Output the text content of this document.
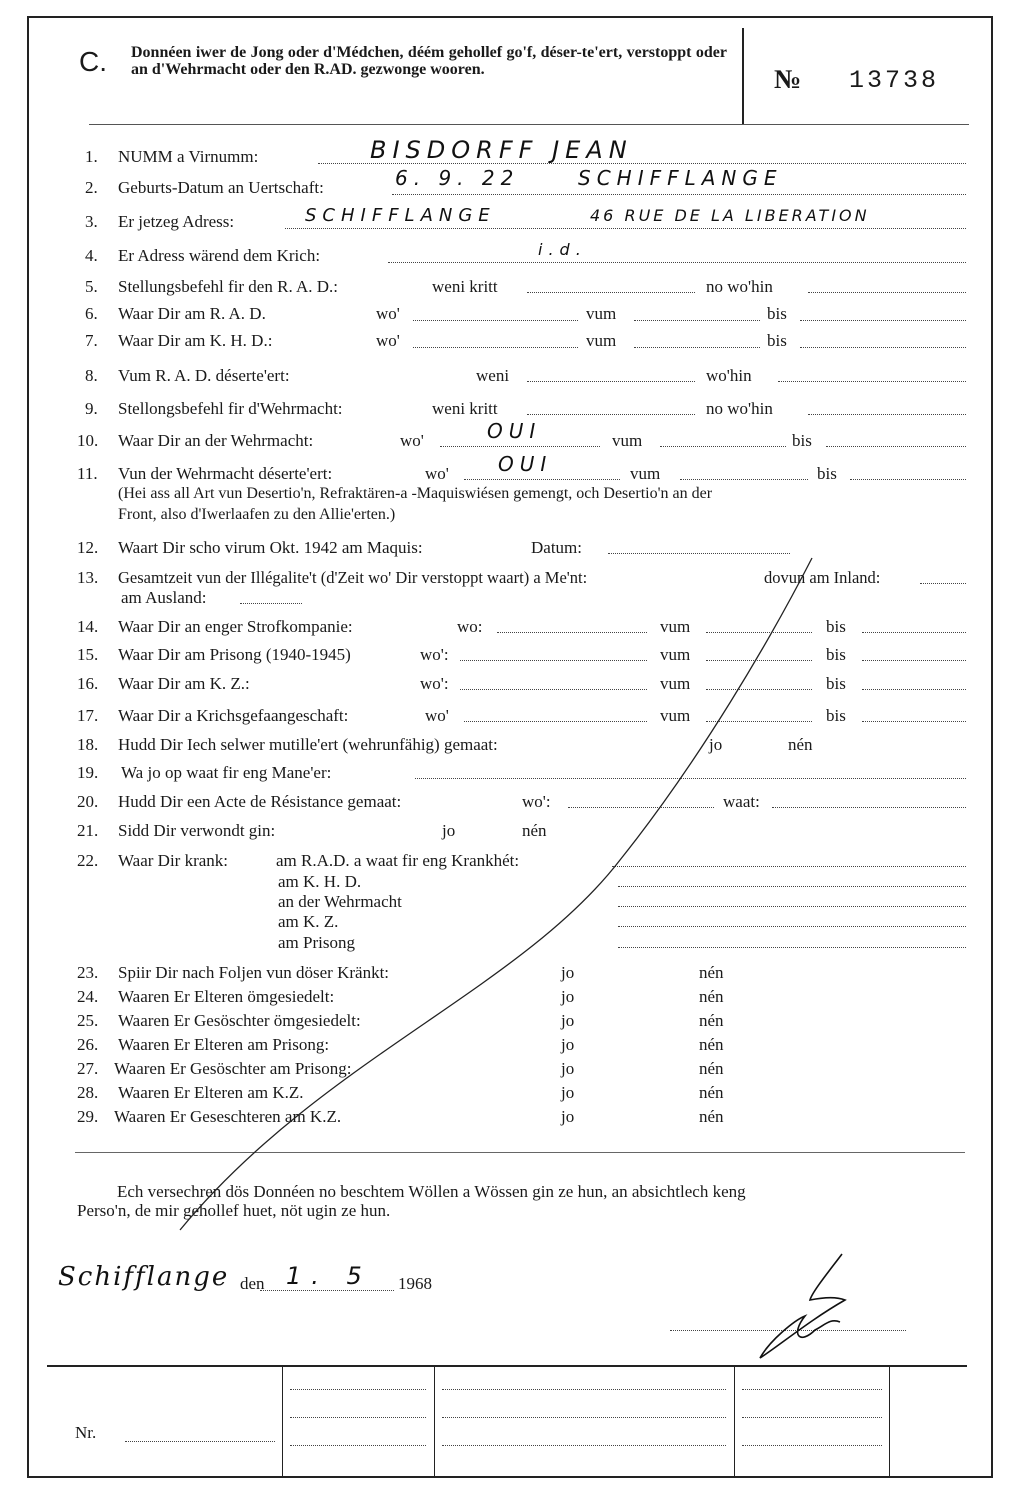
C. Donnéen iwer de Jong oder d'Médchen, déém gehollef go'f, déser-te'ert, verstoppt oder an d'Wehrmacht oder den R.AD. gezwonge wooren.	№ 13738
1. NUMM a Virnumm:	BISDORFF JEAN
2. Geburts-Datum an Uertschaft:	6. 9. 22	SCHIFFLANGE
3. Er jetzeg Adress:	SCHIFFLANGE	46 RUE DE LA LIBERATION
4. Er Adress wärend dem Krich:	i.d.
5. Stellungsbefehl fir den R. A. D.:	weni kritt	no wo'hin
6. Waar Dir am R. A. D.	wo'	vum	bis
7. Waar Dir am K. H. D.:	wo'	vum	bis
8. Vum R. A. D. déserte'ert:	weni	wo'hin
9. Stellongsbefehl fir d'Wehrmacht:	weni kritt	no wo'hin
10. Waar Dir an der Wehrmacht:	wo'	OUI	vum	bis
11. Vun der Wehrmacht déserte'ert:	wo' OUI	vum	bis
(Hei ass all Art vun Desertio'n, Refraktären-a -Maquiswiésen gemengt, och Desertio'n an der
Front, also d'Iwerlaafen zu den Allie'erten.)
12. Waart Dir scho virum Okt. 1942 am Maquis:	Datum:
13. Gesamtzeit vun der Illégalite't (d'Zeit wo' Dir verstoppt waart) a Me'nt:	dovun am Inland:
am Ausland:
14. Waar Dir an enger Strofkompanie:	wo:	vum	bis
15. Waar Dir am Prisong (1940-1945)	wo':	vum	bis
16. Waar Dir am K. Z.:	wo':	vum	bis
17. Waar Dir a Krichsgefaangeschaft:	wo'	vum	bis
18. Hudd Dir Iech selwer mutille'ert (wehrunfähig) gemaat:	jo	nén
19. Wa jo op waat fir eng Mane'er:
20. Hudd Dir een Acte de Résistance gemaat:	wo':	waat:
21. Sidd Dir verwondt gin:	jo	nén
22. Waar Dir krank:	am R.A.D. a waat fir eng Krankhét:
am K. H. D.
an der Wehrmacht
am K. Z.
am Prisong
23. Spiir Dir nach Foljen vun döser Kränkt:	jo	nén
24. Waaren Er Elteren ömgesiedelt:	jo	nén
25. Waaren Er Gesöschter ömgesiedelt:	jo	nén
26. Waaren Er Elteren am Prisong:	jo	nén
27. Waaren Er Gesöschter am Prisong:	jo	nén
28. Waaren Er Elteren am K.Z.	jo	nén
29. Waaren Er Geseschteren am K.Z.	jo	nén
Ech versechren dös Donnéen no beschtem Wöllen a Wössen gin ze hun, an absichtlech keng
Perso'n, de mir gehollef huet, nöt ugin ze hun.
den	1968
Schifflange 1. 5
Nr.
